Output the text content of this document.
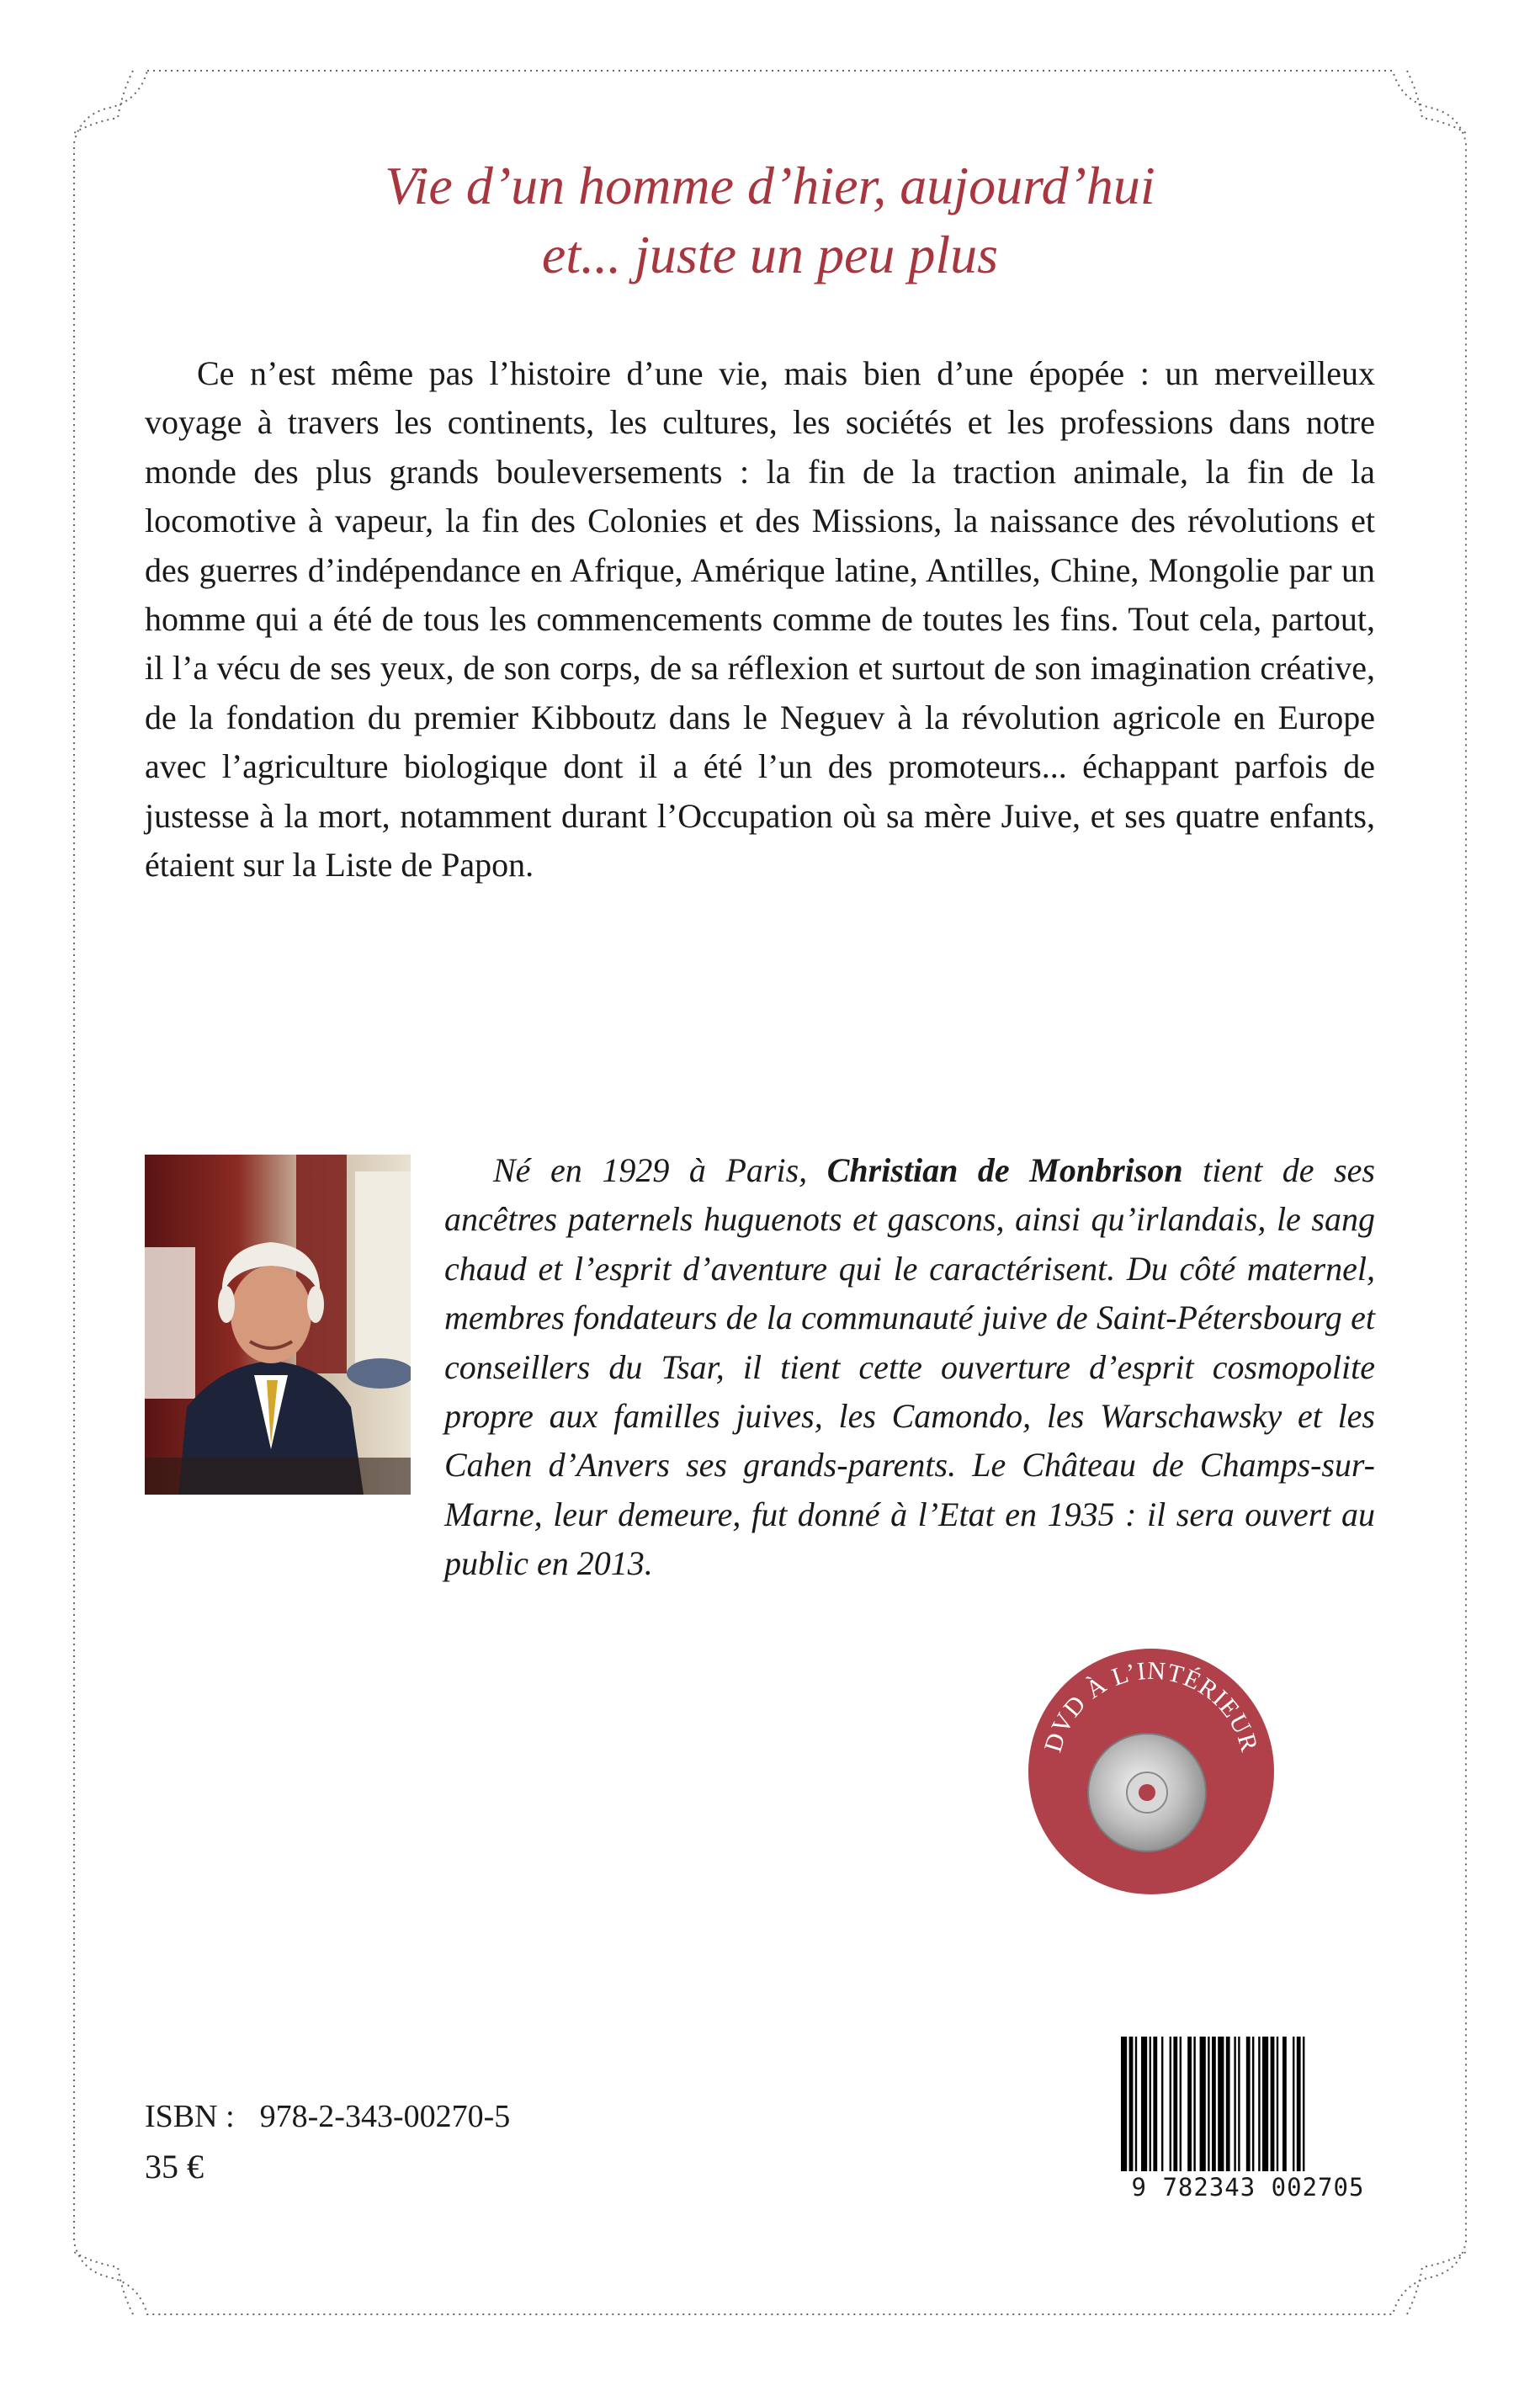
Vie d’un homme d’hier, aujourd’hui
et... juste un peu plus

Ce n’est même pas l’histoire d’une vie, mais bien d’une épopée : un merveilleux voyage à travers les continents, les cultures, les sociétés et les professions dans notre monde des plus grands bouleversements : la fin de la traction animale, la fin de la locomotive à vapeur, la fin des Colonies et des Missions, la naissance des révolutions et des guerres d’indépendance en Afrique, Amérique latine, Antilles, Chine, Mongolie par un homme qui a été de tous les commencements comme de toutes les fins. Tout cela, partout, il l’a vécu de ses yeux, de son corps, de sa réflexion et surtout de son imagination créative, de la fondation du premier Kibboutz dans le Neguev à la révolution agricole en Europe avec l’agriculture biologique dont il a été l’un des promoteurs... échappant parfois de justesse à la mort, notamment durant l’Occupation où sa mère Juive, et ses quatre enfants, étaient sur la Liste de Papon.

Né en 1929 à Paris, Christian de Monbrison tient de ses ancêtres paternels huguenots et gascons, ainsi qu’irlandais, le sang chaud et l’esprit d’aventure qui le caractérisent. Du côté maternel, membres fondateurs de la communauté juive de Saint-Pétersbourg et conseillers du Tsar, il tient cette ouverture d’esprit cosmopolite propre aux familles juives, les Camondo, les Warschawsky et les Cahen d’Anvers ses grands-parents. Le Château de Champs-sur-Marne, leur demeure, fut donné à l’Etat en 1935 : il sera ouvert au public en 2013.

DVD À L’INTÉRIEUR
ISBN : 978-2-343-00270-5
35 €
9 782343 002705
